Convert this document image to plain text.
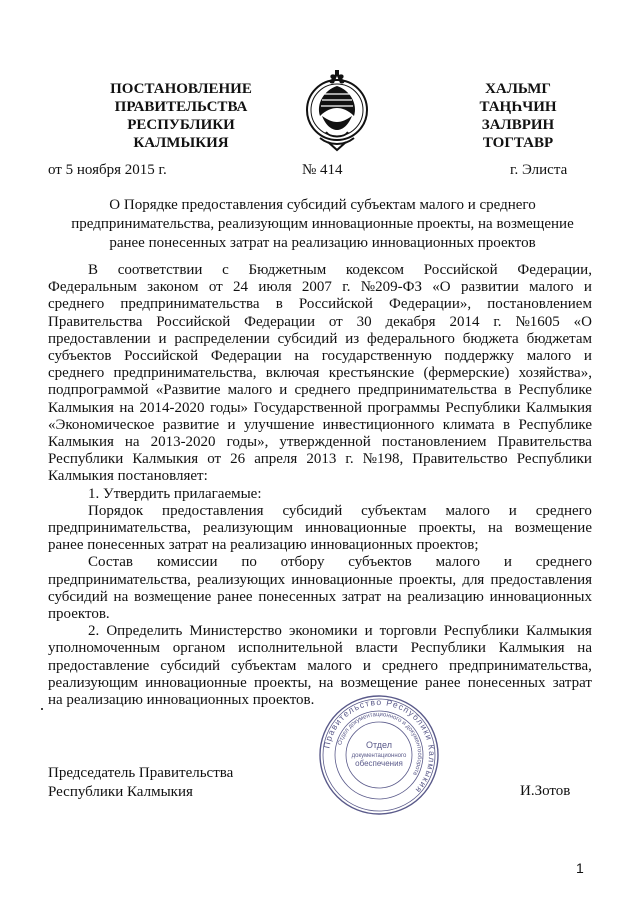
ПОСТАНОВЛЕНИЕ
ПРАВИТЕЛЬСТВА
РЕСПУБЛИКИ
КАЛМЫКИЯ
ХАЛЬМГ
ТАҢҺЧИН
ЗАЛВРИН
ТОГТАВР
от 5 ноября 2015 г.	№ 414	г. Элиста
О Порядке предоставления субсидий субъектам малого и среднего
предпринимательства, реализующим инновационные проекты, на возмещение
ранее понесенных затрат на реализацию инновационных проектов
В соответствии с Бюджетным кодексом Российской Федерации,
Федеральным законом от 24 июля 2007 г. №209-ФЗ «О развитии малого и
среднего предпринимательства в Российской Федерации», постановлением
Правительства Российской Федерации от 30 декабря 2014 г. №1605 «О
предоставлении и распределении субсидий из федерального бюджета бюджетам
субъектов Российской Федерации на государственную поддержку малого и
среднего предпринимательства, включая крестьянские (фермерские) хозяйства»,
подпрограммой «Развитие малого и среднего предпринимательства в Республике
Калмыкия на 2014-2020 годы» Государственной программы Республики Калмыкия
«Экономическое развитие и улучшение инвестиционного климата в Республике
Калмыкия на 2013-2020 годы», утвержденной постановлением Правительства
Республики Калмыкия от 26 апреля 2013 г. №198, Правительство Республики
Калмыкия постановляет:
1. Утвердить прилагаемые:
Порядок предоставления субсидий субъектам малого и среднего
предпринимательства, реализующим инновационные проекты, на возмещение
ранее понесенных затрат на реализацию инновационных проектов;
Состав комиссии по отбору субъектов малого и среднего
предпринимательства, реализующих инновационные проекты, для предоставления
субсидий на возмещение ранее понесенных затрат на реализацию инновационных
проектов.
2. Определить Министерство экономики и торговли Республики Калмыкия
уполномоченным органом исполнительной власти Республики Калмыкия на
предоставление субсидий субъектам малого и среднего предпринимательства,
реализующим инновационные проекты, на возмещение ранее понесенных затрат
на реализацию инновационных проектов.
Правительство Республики Калмыкия
Отдел документационного и документооборота
Отдел
документационного
обеспечения
Председатель Правительства
Республики Калмыкия	И.Зотов
1
